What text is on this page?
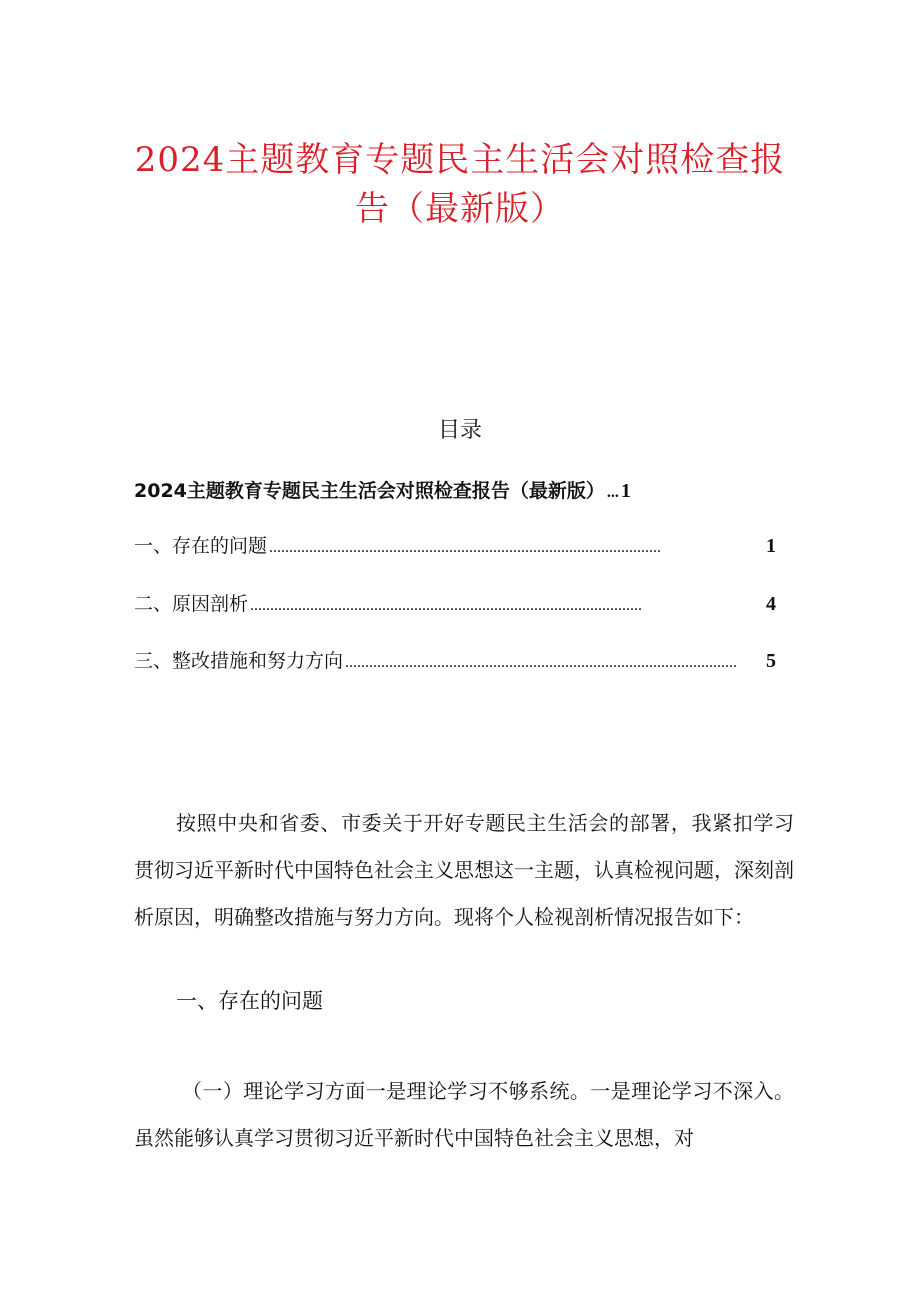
2024主题教育专题民主生活会对照检查报
告（最新版）
目录
2024主题教育专题民主生活会对照检查报告（最新版） ... 1
一、存在的问题 ..................................................................................................	1
二、原因剖析 ..................................................................................................	4
三、整改措施和努力方向 ..................................................................................................	5
按照中央和省委、市委关于开好专题民主生活会的部署，我紧扣学习贯彻习近平新时代中国特色社会主义思想这一主题，认真检视问题，深刻剖析原因，明确整改措施与努力方向。现将个人检视剖析情况报告如下：
一、存在的问题
（一）理论学习方面一是理论学习不够系统。一是理论学习不深入。虽然能够认真学习贯彻习近平新时代中国特色社会主义思想，对
